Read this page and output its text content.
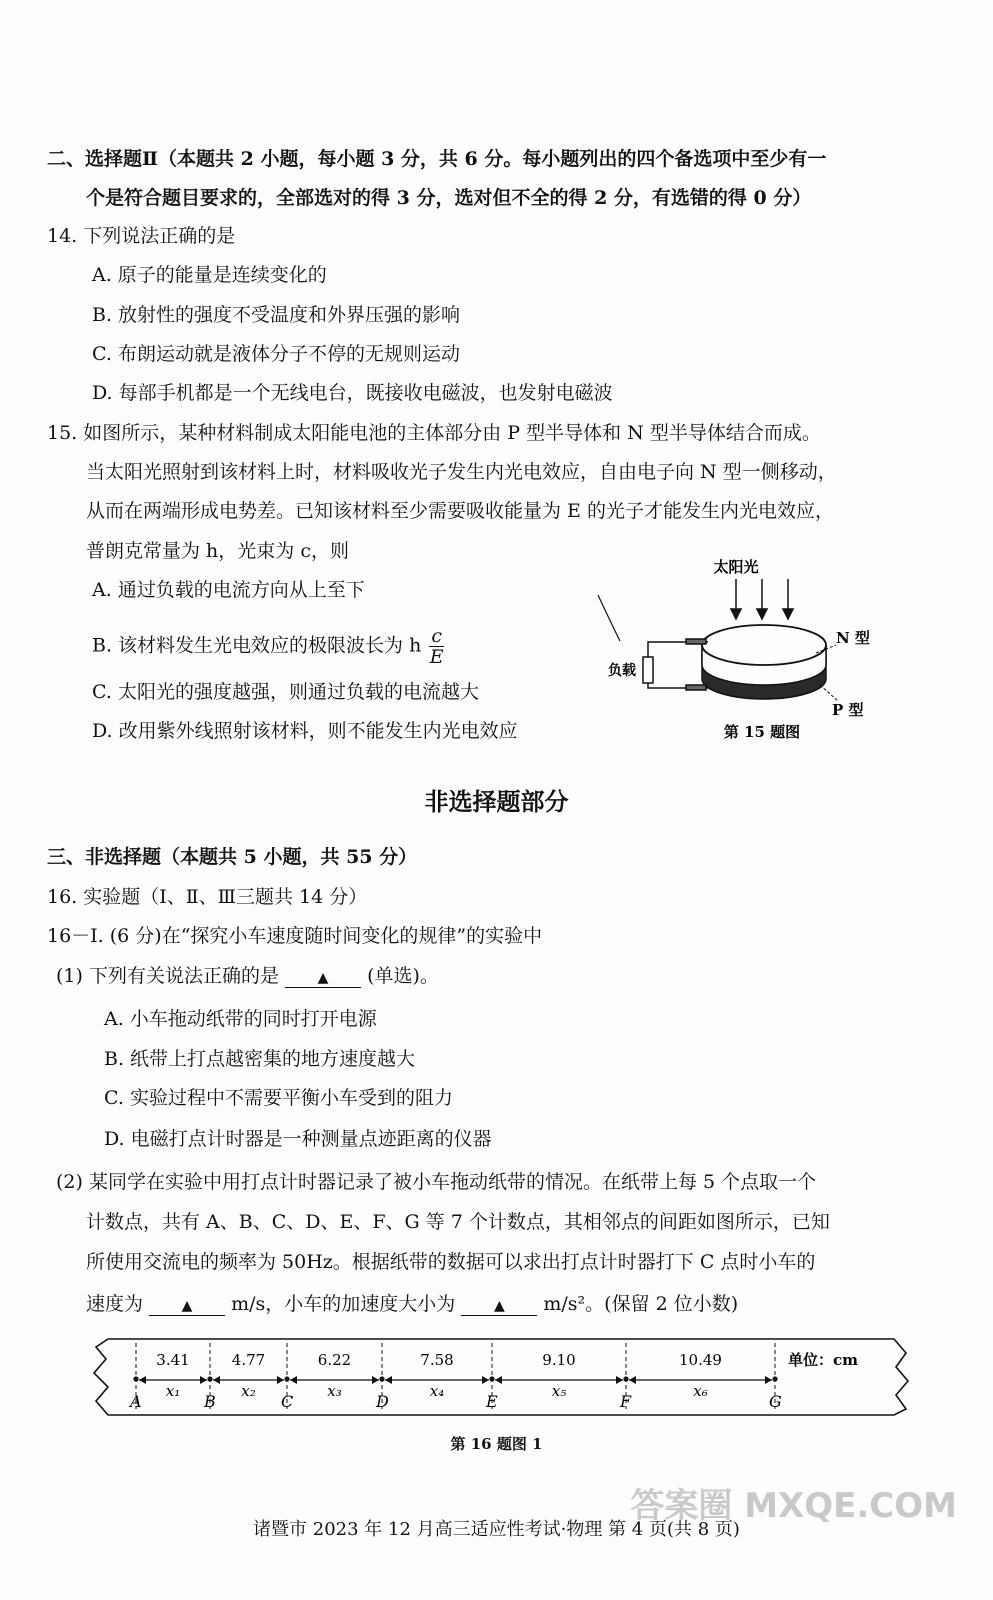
二、选择题Ⅱ（本题共 2 小题，每小题 3 分，共 6 分。每小题列出的四个备选项中至少有一
个是符合题目要求的，全部选对的得 3 分，选对但不全的得 2 分，有选错的得 0 分）
14. 下列说法正确的是
A. 原子的能量是连续变化的
B. 放射性的强度不受温度和外界压强的影响
C. 布朗运动就是液体分子不停的无规则运动
D. 每部手机都是一个无线电台，既接收电磁波，也发射电磁波
15. 如图所示，某种材料制成太阳能电池的主体部分由 P 型半导体和 N 型半导体结合而成。
当太阳光照射到该材料上时，材料吸收光子发生内光电效应，自由电子向 N 型一侧移动，
从而在两端形成电势差。已知该材料至少需要吸收能量为 E 的光子才能发生内光电效应，
普朗克常量为 h，光束为 c，则
A. 通过负载的电流方向从上至下
B. 该材料发生光电效应的极限波长为 h $\frac{c}{E}$
C. 太阳光的强度越强，则通过负载的电流越大
D. 改用紫外线照射该材料，则不能发生内光电效应
太阳光
负载
N 型
P 型
第 15 题图
非选择题部分
三、非选择题（本题共 5 小题，共 55 分）
16. 实验题（Ⅰ、Ⅱ、Ⅲ三题共 14 分）
16－Ⅰ. (6 分)在“探究小车速度随时间变化的规律”的实验中
(1) 下列有关说法正确的是	▲ (单选)。
A. 小车拖动纸带的同时打开电源
B. 纸带上打点越密集的地方速度越大
C. 实验过程中不需要平衡小车受到的阻力
D. 电磁打点计时器是一种测量点迹距离的仪器
(2) 某同学在实验中用打点计时器记录了被小车拖动纸带的情况。在纸带上每 5 个点取一个
计数点，共有 A、B、C、D、E、F、G 等 7 个计数点，其相邻点的间距如图所示，已知
所使用交流电的频率为 50Hz。根据纸带的数据可以求出打点计时器打下 C 点时小车的
速度为	▲ m/s，小车的加速度大小为	▲ m/s²。(保留 2 位小数)
A	B	C	D	E	F	G
3.41
x₁
4.77
x₂
6.22
x₃
7.58
x₄
9.10
x₅
10.49
x₆
单位：cm
第 16 题图 1
诸暨市 2023 年 12 月高三适应性考试·物理 第 4 页(共 8 页)
答案圈 MXQE.COM
